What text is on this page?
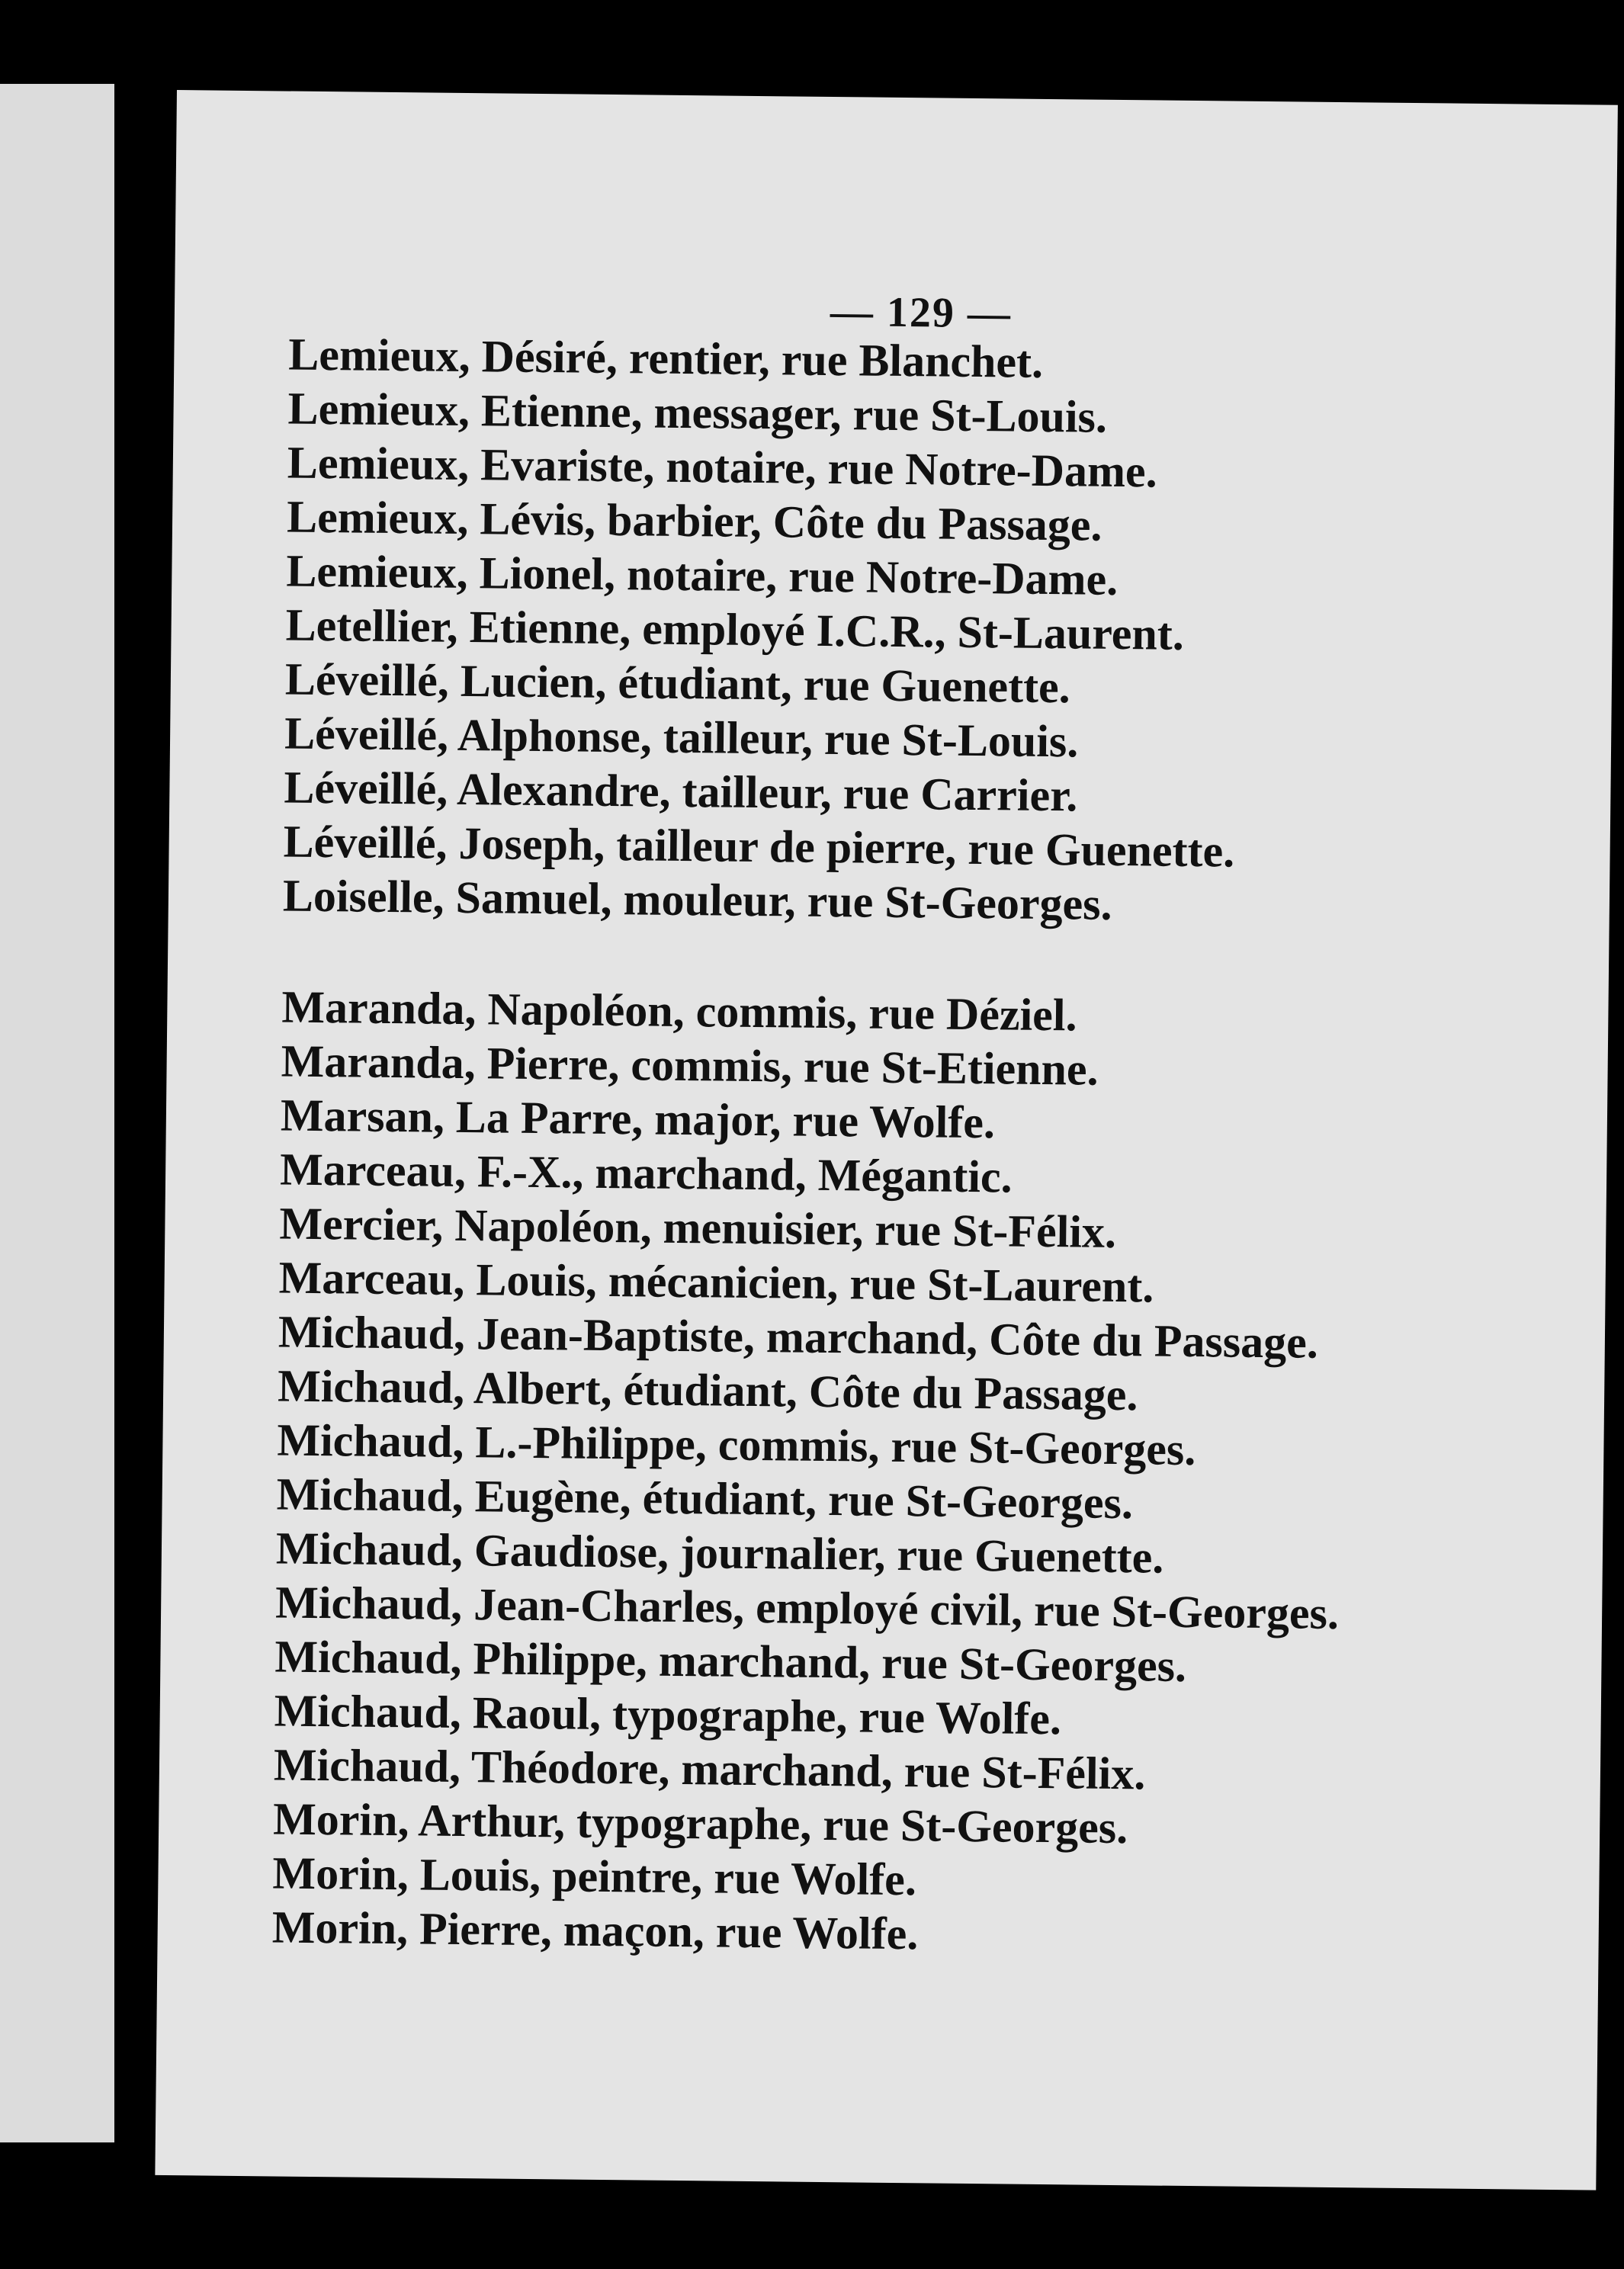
— 129 —
Lemieux, Désiré, rentier, rue Blanchet.
Lemieux, Etienne, messager, rue St-Louis.
Lemieux, Evariste, notaire, rue Notre-Dame.
Lemieux, Lévis, barbier, Côte du Passage.
Lemieux, Lionel, notaire, rue Notre-Dame.
Letellier, Etienne, employé I.C.R., St-Laurent.
Léveillé, Lucien, étudiant, rue Guenette.
Léveillé, Alphonse, tailleur, rue St-Louis.
Léveillé, Alexandre, tailleur, rue Carrier.
Léveillé, Joseph, tailleur de pierre, rue Guenette.
Loiselle, Samuel, mouleur, rue St-Georges.
Maranda, Napoléon, commis, rue Déziel.
Maranda, Pierre, commis, rue St-Etienne.
Marsan, La Parre, major, rue Wolfe.
Marceau, F.-X., marchand, Mégantic.
Mercier, Napoléon, menuisier, rue St-Félix.
Marceau, Louis, mécanicien, rue St-Laurent.
Michaud, Jean-Baptiste, marchand, Côte du Passage.
Michaud, Albert, étudiant, Côte du Passage.
Michaud, L.-Philippe, commis, rue St-Georges.
Michaud, Eugène, étudiant, rue St-Georges.
Michaud, Gaudiose, journalier, rue Guenette.
Michaud, Jean-Charles, employé civil, rue St-Georges.
Michaud, Philippe, marchand, rue St-Georges.
Michaud, Raoul, typographe, rue Wolfe.
Michaud, Théodore, marchand, rue St-Félix.
Morin, Arthur, typographe, rue St-Georges.
Morin, Louis, peintre, rue Wolfe.
Morin, Pierre, maçon, rue Wolfe.
